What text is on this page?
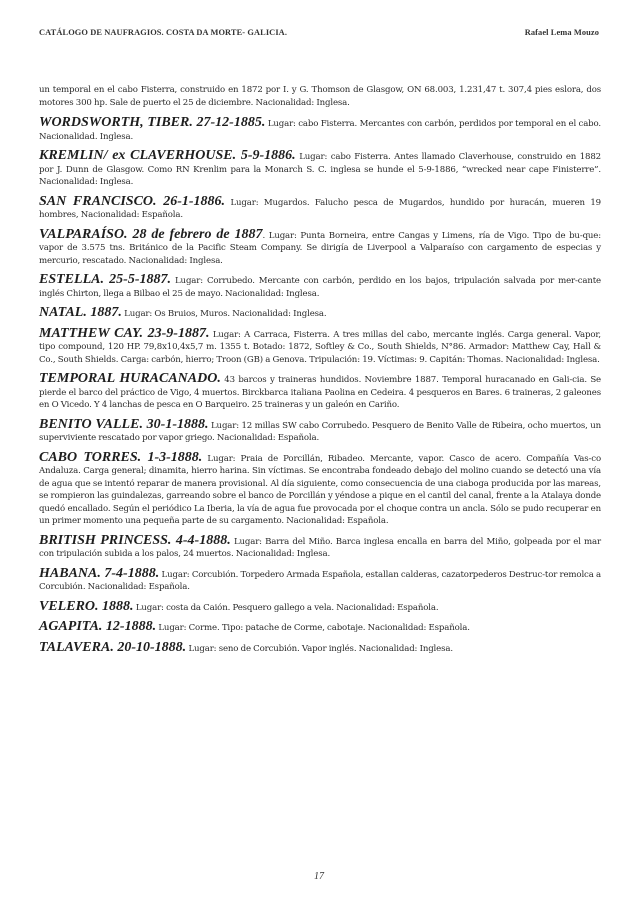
CATÁLOGO DE NAUFRAGIOS. COSTA DA MORTE- GALICIA.	Rafael Lema Mouzo

un temporal en el cabo Fisterra, construido en 1872 por I. y G. Thomson de Glasgow, ON 68.003, 1.231,47 t. 307,4 pies eslora, dos motores 300 hp. Sale de puerto el 25 de diciembre. Nacionalidad: Inglesa.

WORDSWORTH, TIBER. 27-12-1885. Lugar: cabo Fisterra. Mercantes con carbón, perdidos por temporal en el cabo. Nacionalidad. Inglesa.

KREMLIN/ ex CLAVERHOUSE. 5-9-1886. Lugar: cabo Fisterra. Antes llamado Claverhouse, construido en 1882 por J. Dunn de Glasgow. Como RN Krenlim para la Monarch S. C. inglesa se hunde el 5-9-1886, “wrecked near cape Finisterre”. Nacionalidad: Inglesa.

SAN FRANCISCO. 26-1-1886. Lugar: Mugardos. Falucho pesca de Mugardos, hundido por huracán, mueren 19 hombres, Nacionalidad: Española.

VALPARAÍSO. 28 de febrero de 1887. Lugar: Punta Borneira, entre Cangas y Limens, ría de Vigo. Tipo de bu-que: vapor de 3.575 tns. Británico de la Pacific Steam Company. Se dirigía de Liverpool a Valparaíso con cargamento de especias y mercurio, rescatado. Nacionalidad: Inglesa.

ESTELLA. 25-5-1887. Lugar: Corrubedo. Mercante con carbón, perdido en los bajos, tripulación salvada por mer-cante inglés Chirton, llega a Bilbao el 25 de mayo. Nacionalidad: Inglesa.

NATAL. 1887. Lugar: Os Bruios, Muros. Nacionalidad: Inglesa.

MATTHEW CAY. 23-9-1887. Lugar: A Carraca, Fisterra. A tres millas del cabo, mercante inglés. Carga general. Vapor, tipo compound, 120 HP. 79,8x10,4x5,7 m. 1355 t. Botado: 1872, Softley & Co., South Shields, N°86. Armador: Matthew Cay, Hall & Co., South Shields. Carga: carbón, hierro; Troon (GB) a Genova. Tripulación: 19. Víctimas: 9. Capitán: Thomas. Nacionalidad: Inglesa.

TEMPORAL HURACANADO. 43 barcos y traineras hundidos. Noviembre 1887. Temporal huracanado en Gali-cia. Se pierde el barco del práctico de Vigo, 4 muertos. Birckbarca italiana Paolina en Cedeira. 4 pesqueros en Bares. 6 traineras, 2 galeones en O Vicedo. Y 4 lanchas de pesca en O Barqueiro. 25 traineras y un galeón en Cariño.

BENITO VALLE. 30-1-1888. Lugar: 12 millas SW cabo Corrubedo. Pesquero de Benito Valle de Ribeira, ocho muertos, un superviviente rescatado por vapor griego. Nacionalidad: Española.

CABO TORRES. 1-3-1888. Lugar: Praia de Porcillán, Ribadeo. Mercante, vapor. Casco de acero. Compañía Vas-co Andaluza. Carga general; dinamita, hierro harina. Sin víctimas. Se encontraba fondeado debajo del molino cuando se detectó una vía de agua que se intentó reparar de manera provisional. Al día siguiente, como consecuencia de una ciaboga producida por las mareas, se rompieron las guindalezas, garreando sobre el banco de Porcillán y yéndose a pique en el cantil del canal, frente a la Atalaya donde quedó encallado. Según el periódico La Iberia, la vía de agua fue provocada por el choque contra un ancla. Sólo se pudo recuperar en un primer momento una pequeña parte de su cargamento. Nacionalidad: Española.

BRITISH PRINCESS. 4-4-1888. Lugar: Barra del Miño. Barca inglesa encalla en barra del Miño, golpeada por el mar con tripulación subida a los palos, 24 muertos. Nacionalidad: Inglesa.

HABANA. 7-4-1888. Lugar: Corcubión. Torpedero Armada Española, estallan calderas, cazatorpederos Destruc-tor remolca a Corcubión. Nacionalidad: Española.

VELERO. 1888. Lugar: costa da Caión. Pesquero gallego a vela. Nacionalidad: Española.

AGAPITA. 12-1888. Lugar: Corme. Tipo: patache de Corme, cabotaje. Nacionalidad: Española.

TALAVERA. 20-10-1888. Lugar: seno de Corcubión. Vapor inglés. Nacionalidad: Inglesa.

17
